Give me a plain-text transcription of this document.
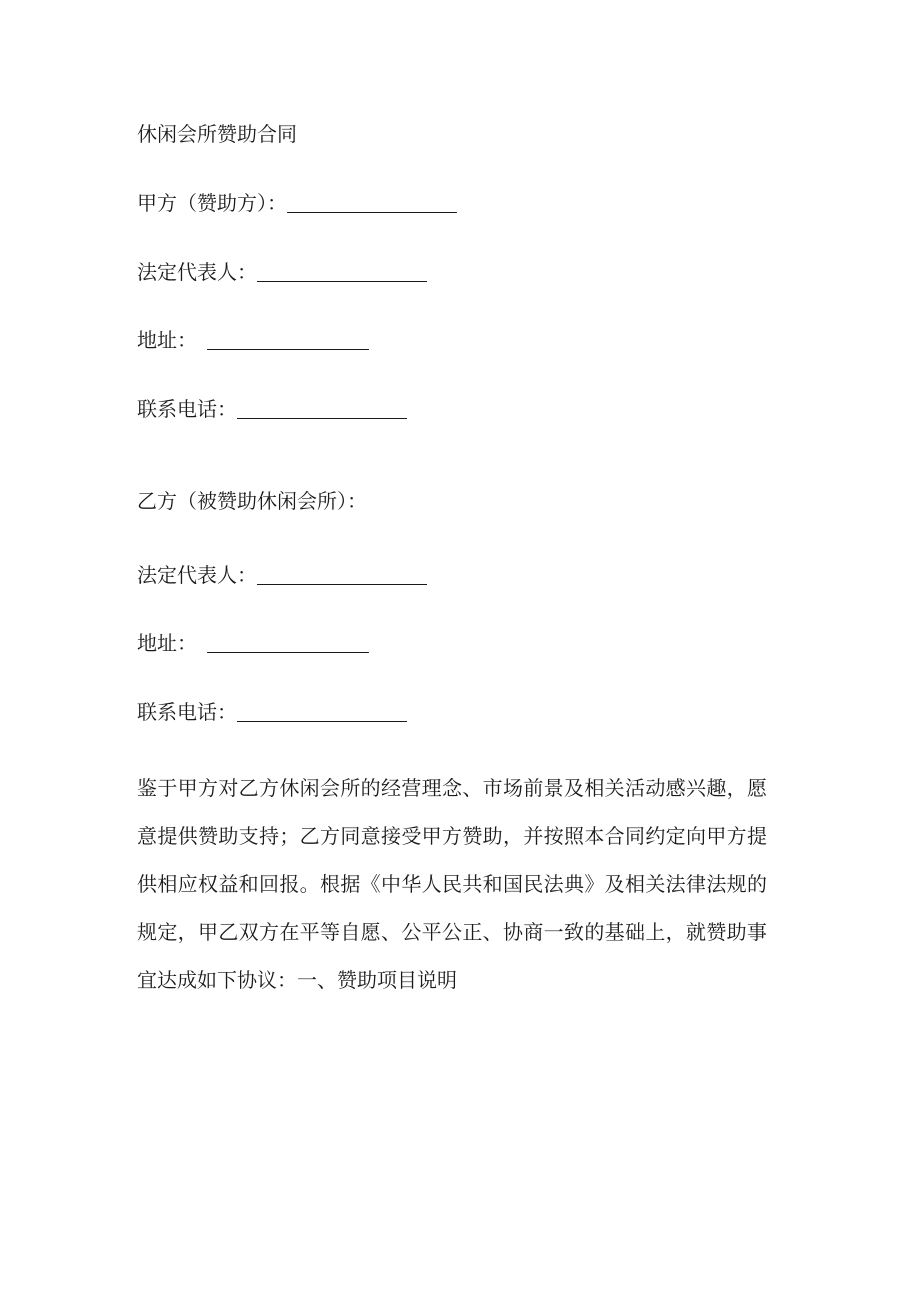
休闲会所赞助合同
甲方（赞助方）：
法定代表人：
地址：
联系电话：
乙方（被赞助休闲会所）：
法定代表人：
地址：
联系电话：
鉴于甲方对乙方休闲会所的经营理念、市场前景及相关活动感兴趣，愿
意提供赞助支持；乙方同意接受甲方赞助，并按照本合同约定向甲方提
供相应权益和回报。根据《中华人民共和国民法典》及相关法律法规的
规定，甲乙双方在平等自愿、公平公正、协商一致的基础上，就赞助事
宜达成如下协议：一、赞助项目说明
